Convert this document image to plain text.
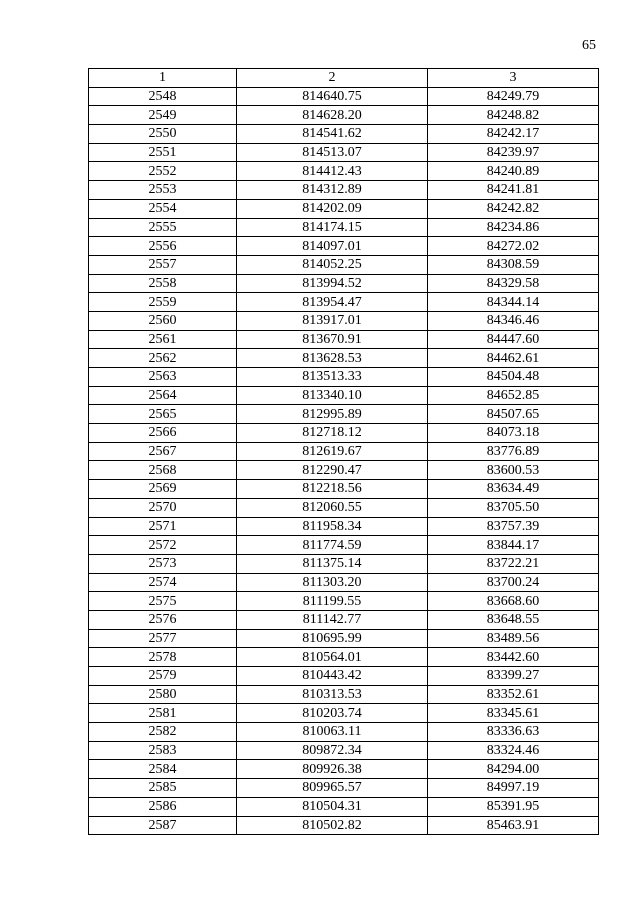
65
1	2	3
2548	814640.75	84249.79
2549	814628.20	84248.82
2550	814541.62	84242.17
2551	814513.07	84239.97
2552	814412.43	84240.89
2553	814312.89	84241.81
2554	814202.09	84242.82
2555	814174.15	84234.86
2556	814097.01	84272.02
2557	814052.25	84308.59
2558	813994.52	84329.58
2559	813954.47	84344.14
2560	813917.01	84346.46
2561	813670.91	84447.60
2562	813628.53	84462.61
2563	813513.33	84504.48
2564	813340.10	84652.85
2565	812995.89	84507.65
2566	812718.12	84073.18
2567	812619.67	83776.89
2568	812290.47	83600.53
2569	812218.56	83634.49
2570	812060.55	83705.50
2571	811958.34	83757.39
2572	811774.59	83844.17
2573	811375.14	83722.21
2574	811303.20	83700.24
2575	811199.55	83668.60
2576	811142.77	83648.55
2577	810695.99	83489.56
2578	810564.01	83442.60
2579	810443.42	83399.27
2580	810313.53	83352.61
2581	810203.74	83345.61
2582	810063.11	83336.63
2583	809872.34	83324.46
2584	809926.38	84294.00
2585	809965.57	84997.19
2586	810504.31	85391.95
2587	810502.82	85463.91
